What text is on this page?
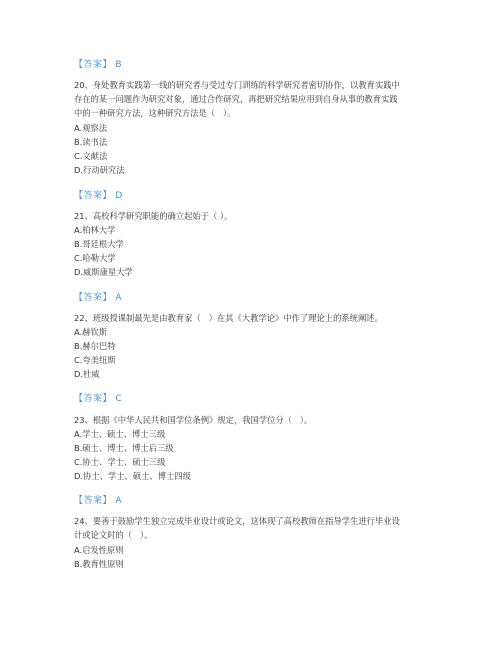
【答案】 B
20、身处教育实践第一线的研究者与受过专门训练的科学研究者密切协作，以教育实践中
存在的某一问题作为研究对象，通过合作研究，再把研究结果应用到自身从事的教育实践
中的一种研究方法，这种研究方法是（   ）。
A.观察法
B.读书法
C.文献法
D.行动研究法
【答案】 D
21、高校科学研究职能的确立起始于（ ）。
A.柏林大学
B.哥廷根大学
C.哈勒大学
D.威斯康星大学
【答案】 A
22、班级授课制最先是由教育家（   ）在其《大教学论》中作了理论上的系统阐述。
A.赫钦斯
B.赫尔巴特
C.夸美纽斯
D.杜威
【答案】 C
23、根据《中华人民共和国学位条例》规定，我国学位分（   ）。
A.学士、硕士、博士三级
B.硕士、博士、博士后三级
C.协士、学士、硕士三级
D.协士、学士、硕士、博士四级
【答案】 A
24、要善于鼓励学生独立完成毕业设计或论文，这体现了高校教师在指导学生进行毕业设
计或论文时的（   ）。
A.启发性原则
B.教育性原则
